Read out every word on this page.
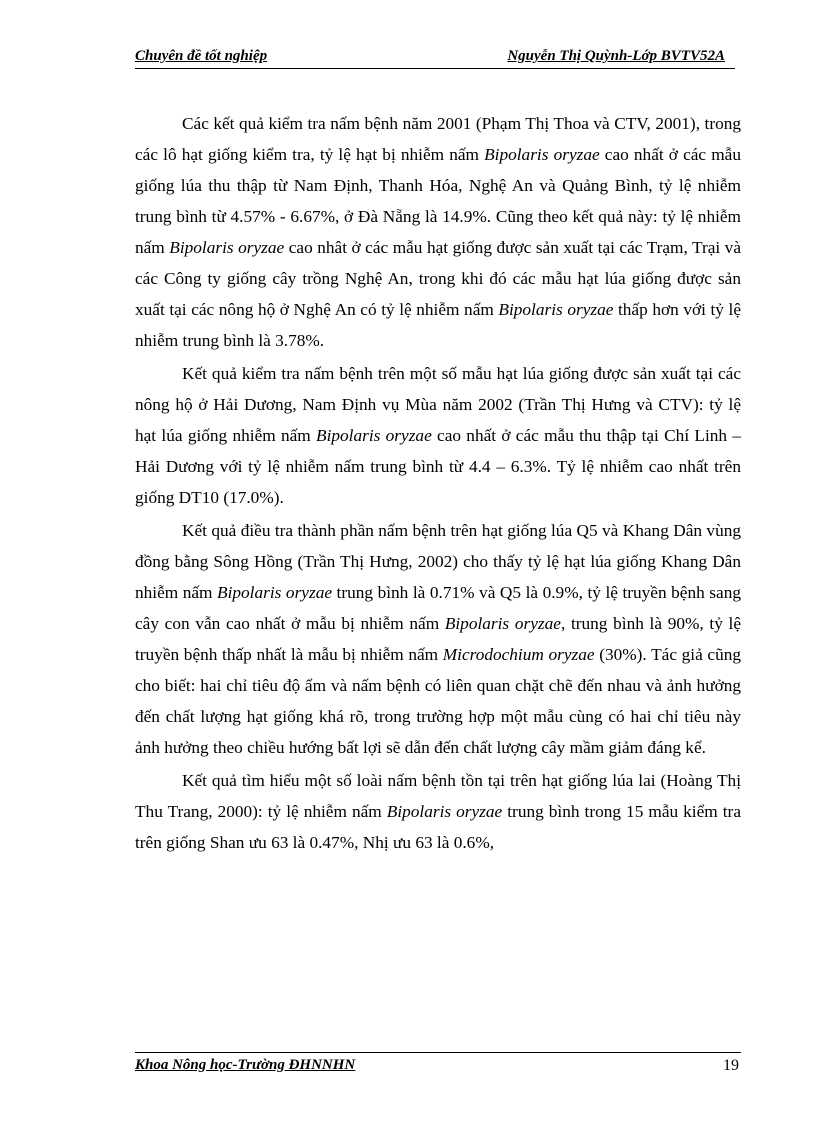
Chuyên đề tốt nghiệp	Nguyễn Thị Quỳnh-Lớp BVTV52A

Các kết quả kiểm tra nấm bệnh năm 2001 (Phạm Thị Thoa và CTV, 2001), trong các lô hạt giống kiểm tra, tỷ lệ hạt bị nhiễm nấm Bipolaris oryzae cao nhất ở các mẫu giống lúa thu thập từ Nam Định, Thanh Hóa, Nghệ An và Quảng Bình, tỷ lệ nhiễm trung bình từ 4.57% - 6.67%, ở Đà Nẵng là 14.9%. Cũng theo kết quả này: tỷ lệ nhiễm nấm Bipolaris oryzae cao nhât ở các mẫu hạt giống được sản xuất tại các Trạm, Trại và các Công ty giống cây trồng Nghệ An, trong khi đó các mẫu hạt lúa giống được sản xuất tại các nông hộ ở Nghệ An có tỷ lệ nhiễm nấm Bipolaris oryzae thấp hơn với tỷ lệ nhiễm trung bình là 3.78%.

Kết quả kiểm tra nấm bệnh trên một số mẫu hạt lúa giống được sản xuất tại các nông hộ ở Hải Dương, Nam Định vụ Mùa năm 2002 (Trần Thị Hưng và CTV): tỷ lệ hạt lúa giống nhiễm nấm Bipolaris oryzae cao nhất ở các mẫu thu thập tại Chí Linh – Hải Dương với tỷ lệ nhiễm nấm trung bình từ 4.4 – 6.3%. Tỷ lệ nhiễm cao nhất trên giống DT10 (17.0%).

Kết quả điều tra thành phần nấm bệnh trên hạt giống lúa Q5 và Khang Dân vùng đồng bằng Sông Hồng (Trần Thị Hưng, 2002) cho thấy tỷ lệ hạt lúa giống Khang Dân nhiễm nấm Bipolaris oryzae trung bình là 0.71% và Q5 là 0.9%, tỷ lệ truyền bệnh sang cây con vẫn cao nhất ở mẫu bị nhiễm nấm Bipolaris oryzae, trung bình là 90%, tỷ lệ truyền bệnh thấp nhất là mẫu bị nhiễm nấm Microdochium oryzae (30%). Tác giả cũng cho biết: hai chỉ tiêu độ ẩm và nấm bệnh có liên quan chặt chẽ đến nhau và ảnh hưởng đến chất lượng hạt giống khá rõ, trong trường hợp một mẫu cùng có hai chỉ tiêu này ảnh hưởng theo chiều hướng bất lợi sẽ dẫn đến chất lượng cây mầm giảm đáng kể.

Kết quả tìm hiểu một số loài nấm bệnh tồn tại trên hạt giống lúa lai (Hoàng Thị Thu Trang, 2000): tỷ lệ nhiễm nấm Bipolaris oryzae trung bình trong 15 mẫu kiểm tra trên giống Shan ưu 63 là 0.47%, Nhị ưu 63 là 0.6%,

Khoa Nông học-Trường ĐHNNHN	19
